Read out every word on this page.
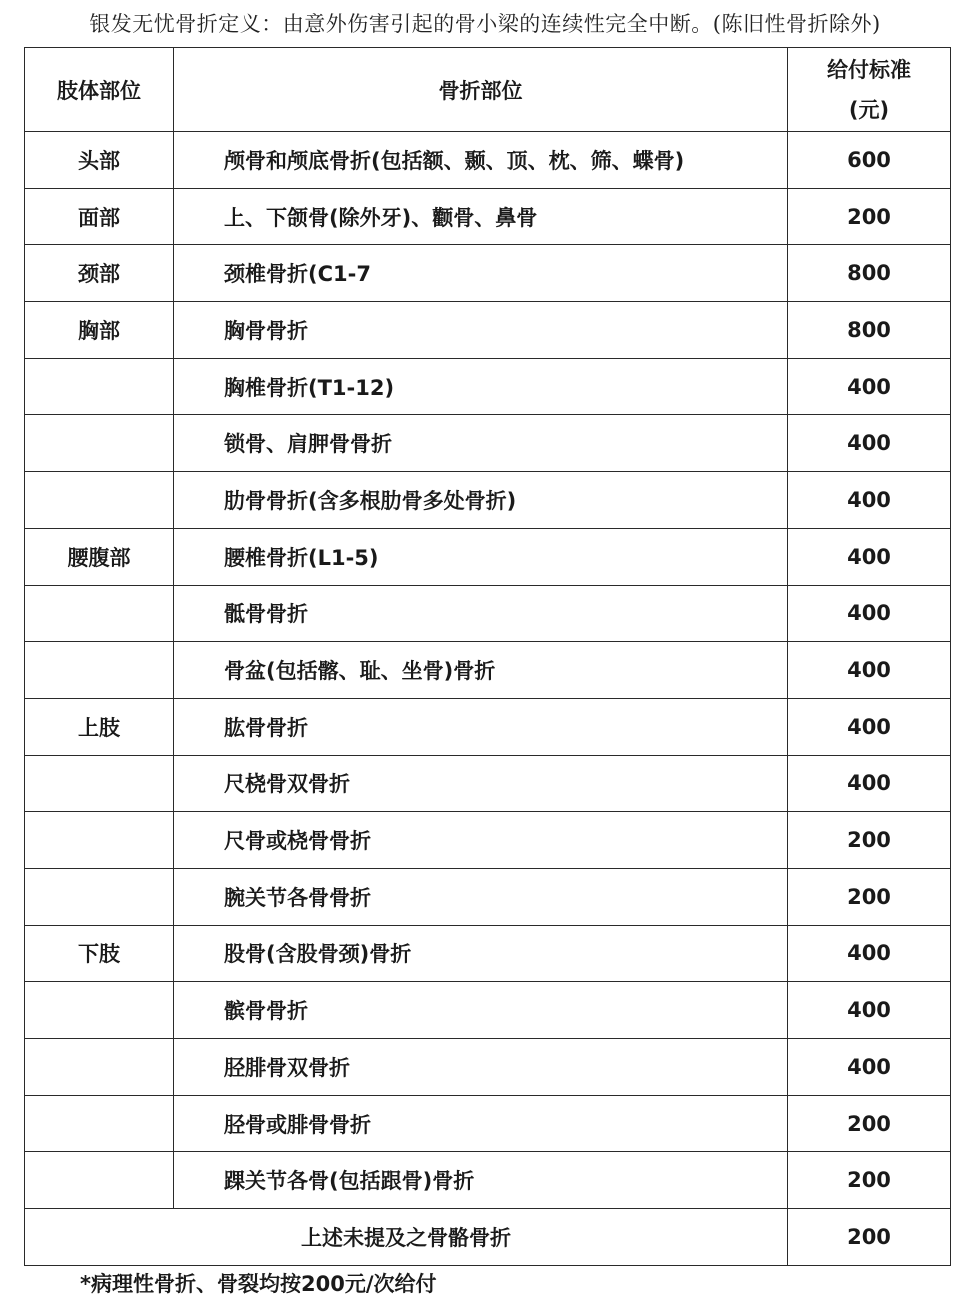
银发无忧骨折定义：由意外伤害引起的骨小梁的连续性完全中断。(陈旧性骨折除外)
肢体部位	骨折部位	给付标准
(元)

头部	颅骨和颅底骨折(包括额、颞、顶、枕、筛、蝶骨)	600
面部	上、下颌骨(除外牙)、颧骨、鼻骨	200
颈部	颈椎骨折(C1-7	800
胸部	胸骨骨折	800
	胸椎骨折(T1-12)	400
	锁骨、肩胛骨骨折	400
	肋骨骨折(含多根肋骨多处骨折)	400
腰腹部	腰椎骨折(L1-5)	400
	骶骨骨折	400
	骨盆(包括髂、耻、坐骨)骨折	400
上肢	肱骨骨折	400
	尺桡骨双骨折	400
	尺骨或桡骨骨折	200
	腕关节各骨骨折	200
下肢	股骨(含股骨颈)骨折	400
	髌骨骨折	400
	胫腓骨双骨折	400
	胫骨或腓骨骨折	200
	踝关节各骨(包括跟骨)骨折	200
上述未提及之骨骼骨折		200
*病理性骨折、骨裂均按200元/次给付
